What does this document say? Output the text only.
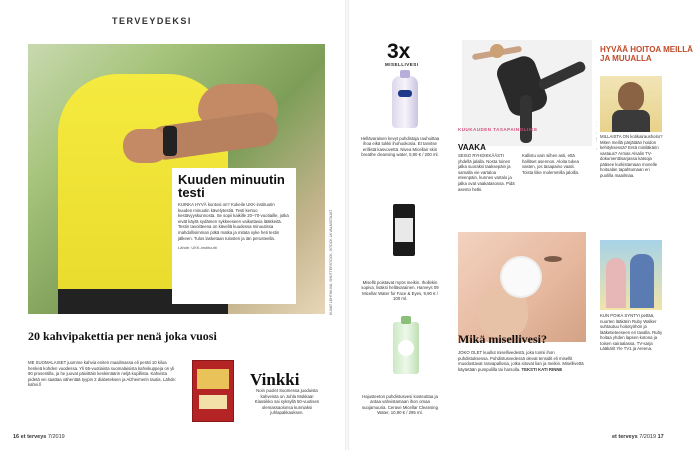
TERVEYDEKSI
Kuuden minuutin testi

KUINKA HYVÄ kuntosi on? Kokeile UKK-instituutin kuuden minuutin kävelytestiä. Testi kertoo kestävyyskunnosta. Se sopii kaikille 20–70-vuotiaille, jotka eivät käytä sydämen sykkeeseen vaikuttavia lääkkeitä. Testin tavoitteena on kävellä kuudessa minuutissa mahdollisimman pitkä matka ja mitata syke heti testin jälkeen. Tulos lasketaan tulosten ja iän perusteella.

Lähde: UKK-instituutti
20 kahvipakettia per nenä joka vuosi
ME SUOMALAISET juomme kahvia eniten maailmassa eli peräti 10 kiloa henkeä kohden vuodessa. Yli 65-vuotiaista suomalaisista kahvikuppeja on yli 90 prosentilla, ja he juovat päivittäin keskimäärin neljä kupillista. Kahvista pidetä vei saattaa vähentää tyypin 2 diabeteksen ja Alzheimerin tautia. Lähde: kahvi.fi	Vinkki
Noin puolet Suomessa juoduista kahveista on Juhla Mokkaa! Klassikko sai syksyllä 50-vuotisen olemassaolonsa kunniaksi juhlapakkauksen.
KUVAT LEHTIKUVA, SHUTTERSTOCK, ISTOCK JA VALMISTAJAT
16 et terveys 7/2019
3x
MISELLIVESI
Hellävaraisen kevyt puhdistaja rauhoittaa ihoa eikä tukkii ihohuokosia. Et tarvitse erillistä kasvovettä. Nivea Micellair skin breathe cleansing water, 5,90 € / 200 ml.
Misellit poistavat myös meikin. Ihollekin sopiva, lisäksi hellävarainen. Harveys 09 Micellar Water for Face & Eyes, 9,90 € / 100 ml.
Hajusteeton puhdistusvesi kosteuttaa ja antaa vahvistamaan ihon omaa suojamuuria. Cerave Micellar Cleansing Water, 10,90 € / 295 ml.
KUUKAUDEN TASAPAINOLIIKE
VAAKA
SEISO RYHDIKKÄÄSTI yhdellä jalalla. Nosta toinen jalka suoraksi taaksepäin ja samalla vie vartaloa eteenpäin, kunnes vartalo ja jalka ovat vaakatasossa. Pidä asento hetki.
Kallistu vain siihen asti, että hallitset asennon. Aloita tukea vasten, jos tasapaino vaatii. Toista liike molemmilla jaloilla.
Mikä misellivesi?
JOKO OLET kuullut misellivedestä, joka toimii ihon puhdistuksessa. Puhdistusvedessä olevat tensidit eli misellit muodostavat rasvapallosia, jotka sitovat lian ja meikin. Misellivettä käytetään pumpulilla tai harsolla. TEKSTI KATI RINNE
HYVÄÄ HOITOA MEILLÄ JA MUUALLA
MILLAISTA ON kotikairaushoito? Miten meillä pärjätään hoidon kehityksessä? Entä miniläkärin vastaus? Armas Alsalin TV-dokumenttisarjassa katsoja pääsee kurkistamaan monelle hoitoalan tapahtumaan eri puolilla maailmaa.
KUN POIKA SYNTYI pettää, nuorten lääkärin Ruby Walker suhtautuu hoitotyöhön ja lääketieteeseen eri tavalla. Ruby hoitaa yhden lapsen kotona ja toisen sairaalassa. TV-sarja Lääkärit Yle TV1 ja Areena.
et terveys 7/2019 17
